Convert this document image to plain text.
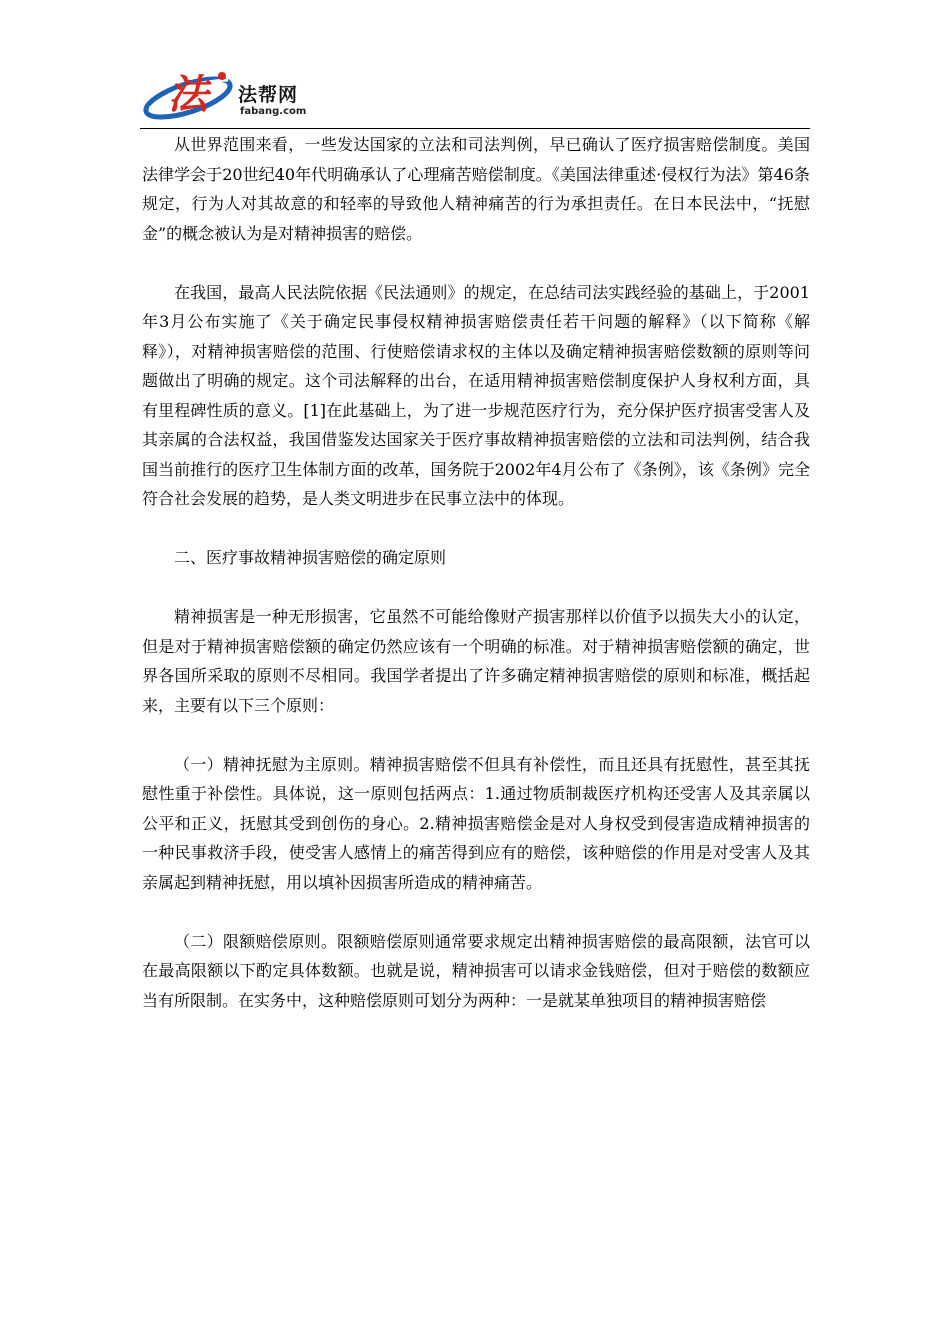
法 法帮网
fabang.com

从世界范围来看，一些发达国家的立法和司法判例，早已确认了医疗损害赔偿制度。美国法律学会于20世纪40年代明确承认了心理痛苦赔偿制度。《美国法律重述·侵权行为法》第46条规定，行为人对其故意的和轻率的导致他人精神痛苦的行为承担责任。在日本民法中，“抚慰金”的概念被认为是对精神损害的赔偿。

在我国，最高人民法院依据《民法通则》的规定，在总结司法实践经验的基础上，于2001年3月公布实施了《关于确定民事侵权精神损害赔偿责任若干问题的解释》（以下简称《解释》），对精神损害赔偿的范围、行使赔偿请求权的主体以及确定精神损害赔偿数额的原则等问题做出了明确的规定。这个司法解释的出台，在适用精神损害赔偿制度保护人身权利方面，具有里程碑性质的意义。[1]在此基础上，为了进一步规范医疗行为，充分保护医疗损害受害人及其亲属的合法权益，我国借鉴发达国家关于医疗事故精神损害赔偿的立法和司法判例，结合我国当前推行的医疗卫生体制方面的改革，国务院于2002年4月公布了《条例》，该《条例》完全符合社会发展的趋势，是人类文明进步在民事立法中的体现。

二、医疗事故精神损害赔偿的确定原则

精神损害是一种无形损害，它虽然不可能给像财产损害那样以价值予以损失大小的认定，但是对于精神损害赔偿额的确定仍然应该有一个明确的标准。对于精神损害赔偿额的确定，世界各国所采取的原则不尽相同。我国学者提出了许多确定精神损害赔偿的原则和标准，概括起来，主要有以下三个原则：

（一）精神抚慰为主原则。精神损害赔偿不但具有补偿性，而且还具有抚慰性，甚至其抚慰性重于补偿性。具体说，这一原则包括两点：1.通过物质制裁医疗机构还受害人及其亲属以公平和正义，抚慰其受到创伤的身心。2.精神损害赔偿金是对人身权受到侵害造成精神损害的一种民事救济手段，使受害人感情上的痛苦得到应有的赔偿，该种赔偿的作用是对受害人及其亲属起到精神抚慰，用以填补因损害所造成的精神痛苦。

（二）限额赔偿原则。限额赔偿原则通常要求规定出精神损害赔偿的最高限额，法官可以在最高限额以下酌定具体数额。也就是说，精神损害可以请求金钱赔偿，但对于赔偿的数额应当有所限制。在实务中，这种赔偿原则可划分为两种：一是就某单独项目的精神损害赔偿
